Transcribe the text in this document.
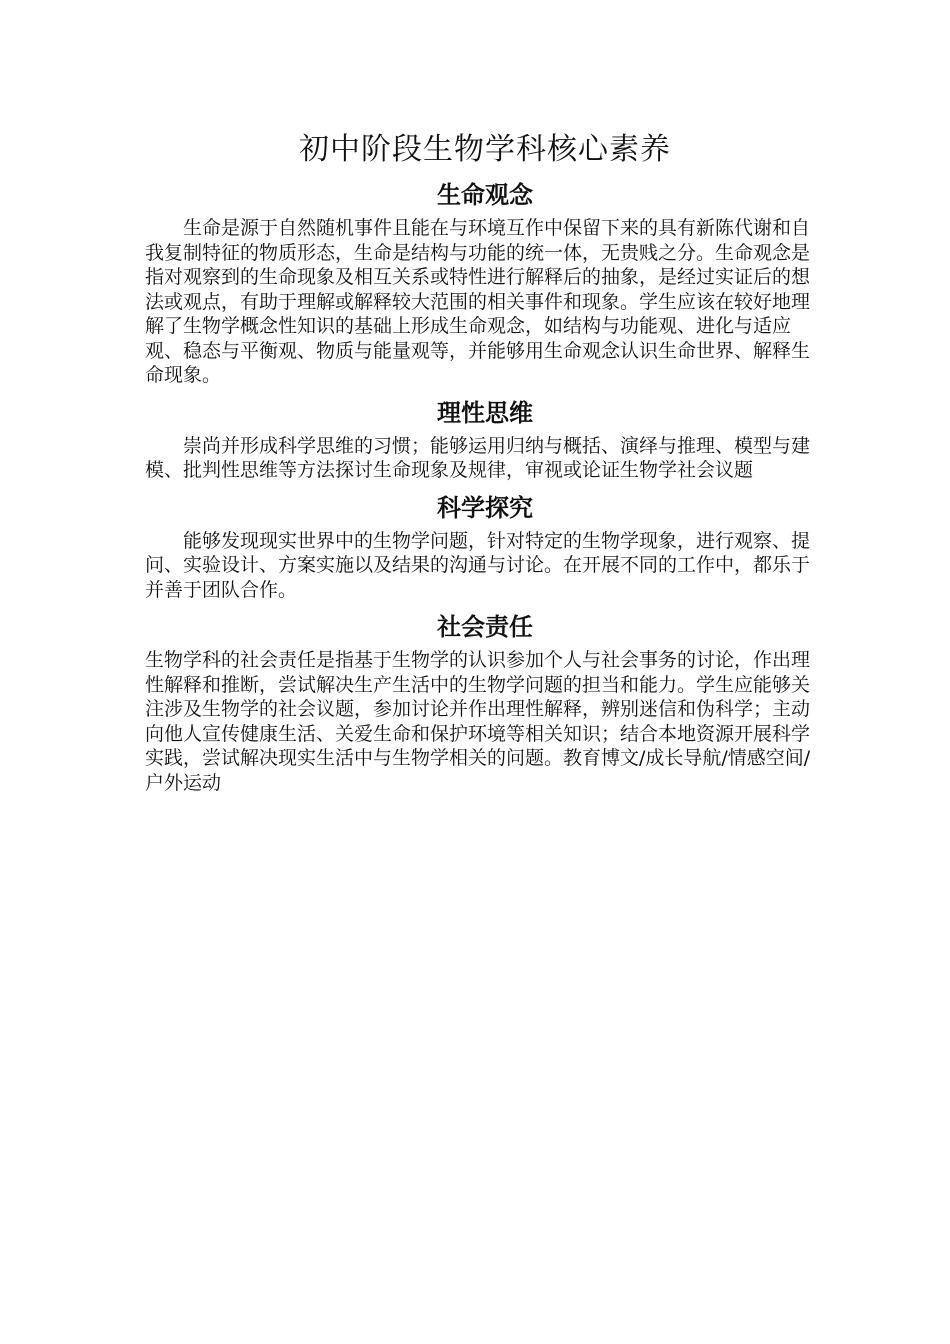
初中阶段生物学科核心素养
生命观念

生命是源于自然随机事件且能在与环境互作中保留下来的具有新陈代谢和自我复制特征的物质形态，生命是结构与功能的统一体，无贵贱之分。生命观念是指对观察到的生命现象及相互关系或特性进行解释后的抽象，是经过实证后的想法或观点，有助于理解或解释较大范围的相关事件和现象。学生应该在较好地理解了生物学概念性知识的基础上形成生命观念，如结构与功能观、进化与适应观、稳态与平衡观、物质与能量观等，并能够用生命观念认识生命世界、解释生命现象。

理性思维

崇尚并形成科学思维的习惯；能够运用归纳与概括、演绎与推理、模型与建模、批判性思维等方法探讨生命现象及规律，审视或论证生物学社会议题

科学探究

能够发现现实世界中的生物学问题，针对特定的生物学现象，进行观察、提问、实验设计、方案实施以及结果的沟通与讨论。在开展不同的工作中，都乐于并善于团队合作。

社会责任

生物学科的社会责任是指基于生物学的认识参加个人与社会事务的讨论，作出理性解释和推断，尝试解决生产生活中的生物学问题的担当和能力。学生应能够关注涉及生物学的社会议题，参加讨论并作出理性解释，辨别迷信和伪科学；主动向他人宣传健康生活、关爱生命和保护环境等相关知识；结合本地资源开展科学实践，尝试解决现实生活中与生物学相关的问题。教育博文/成长导航/情感空间/户外运动
